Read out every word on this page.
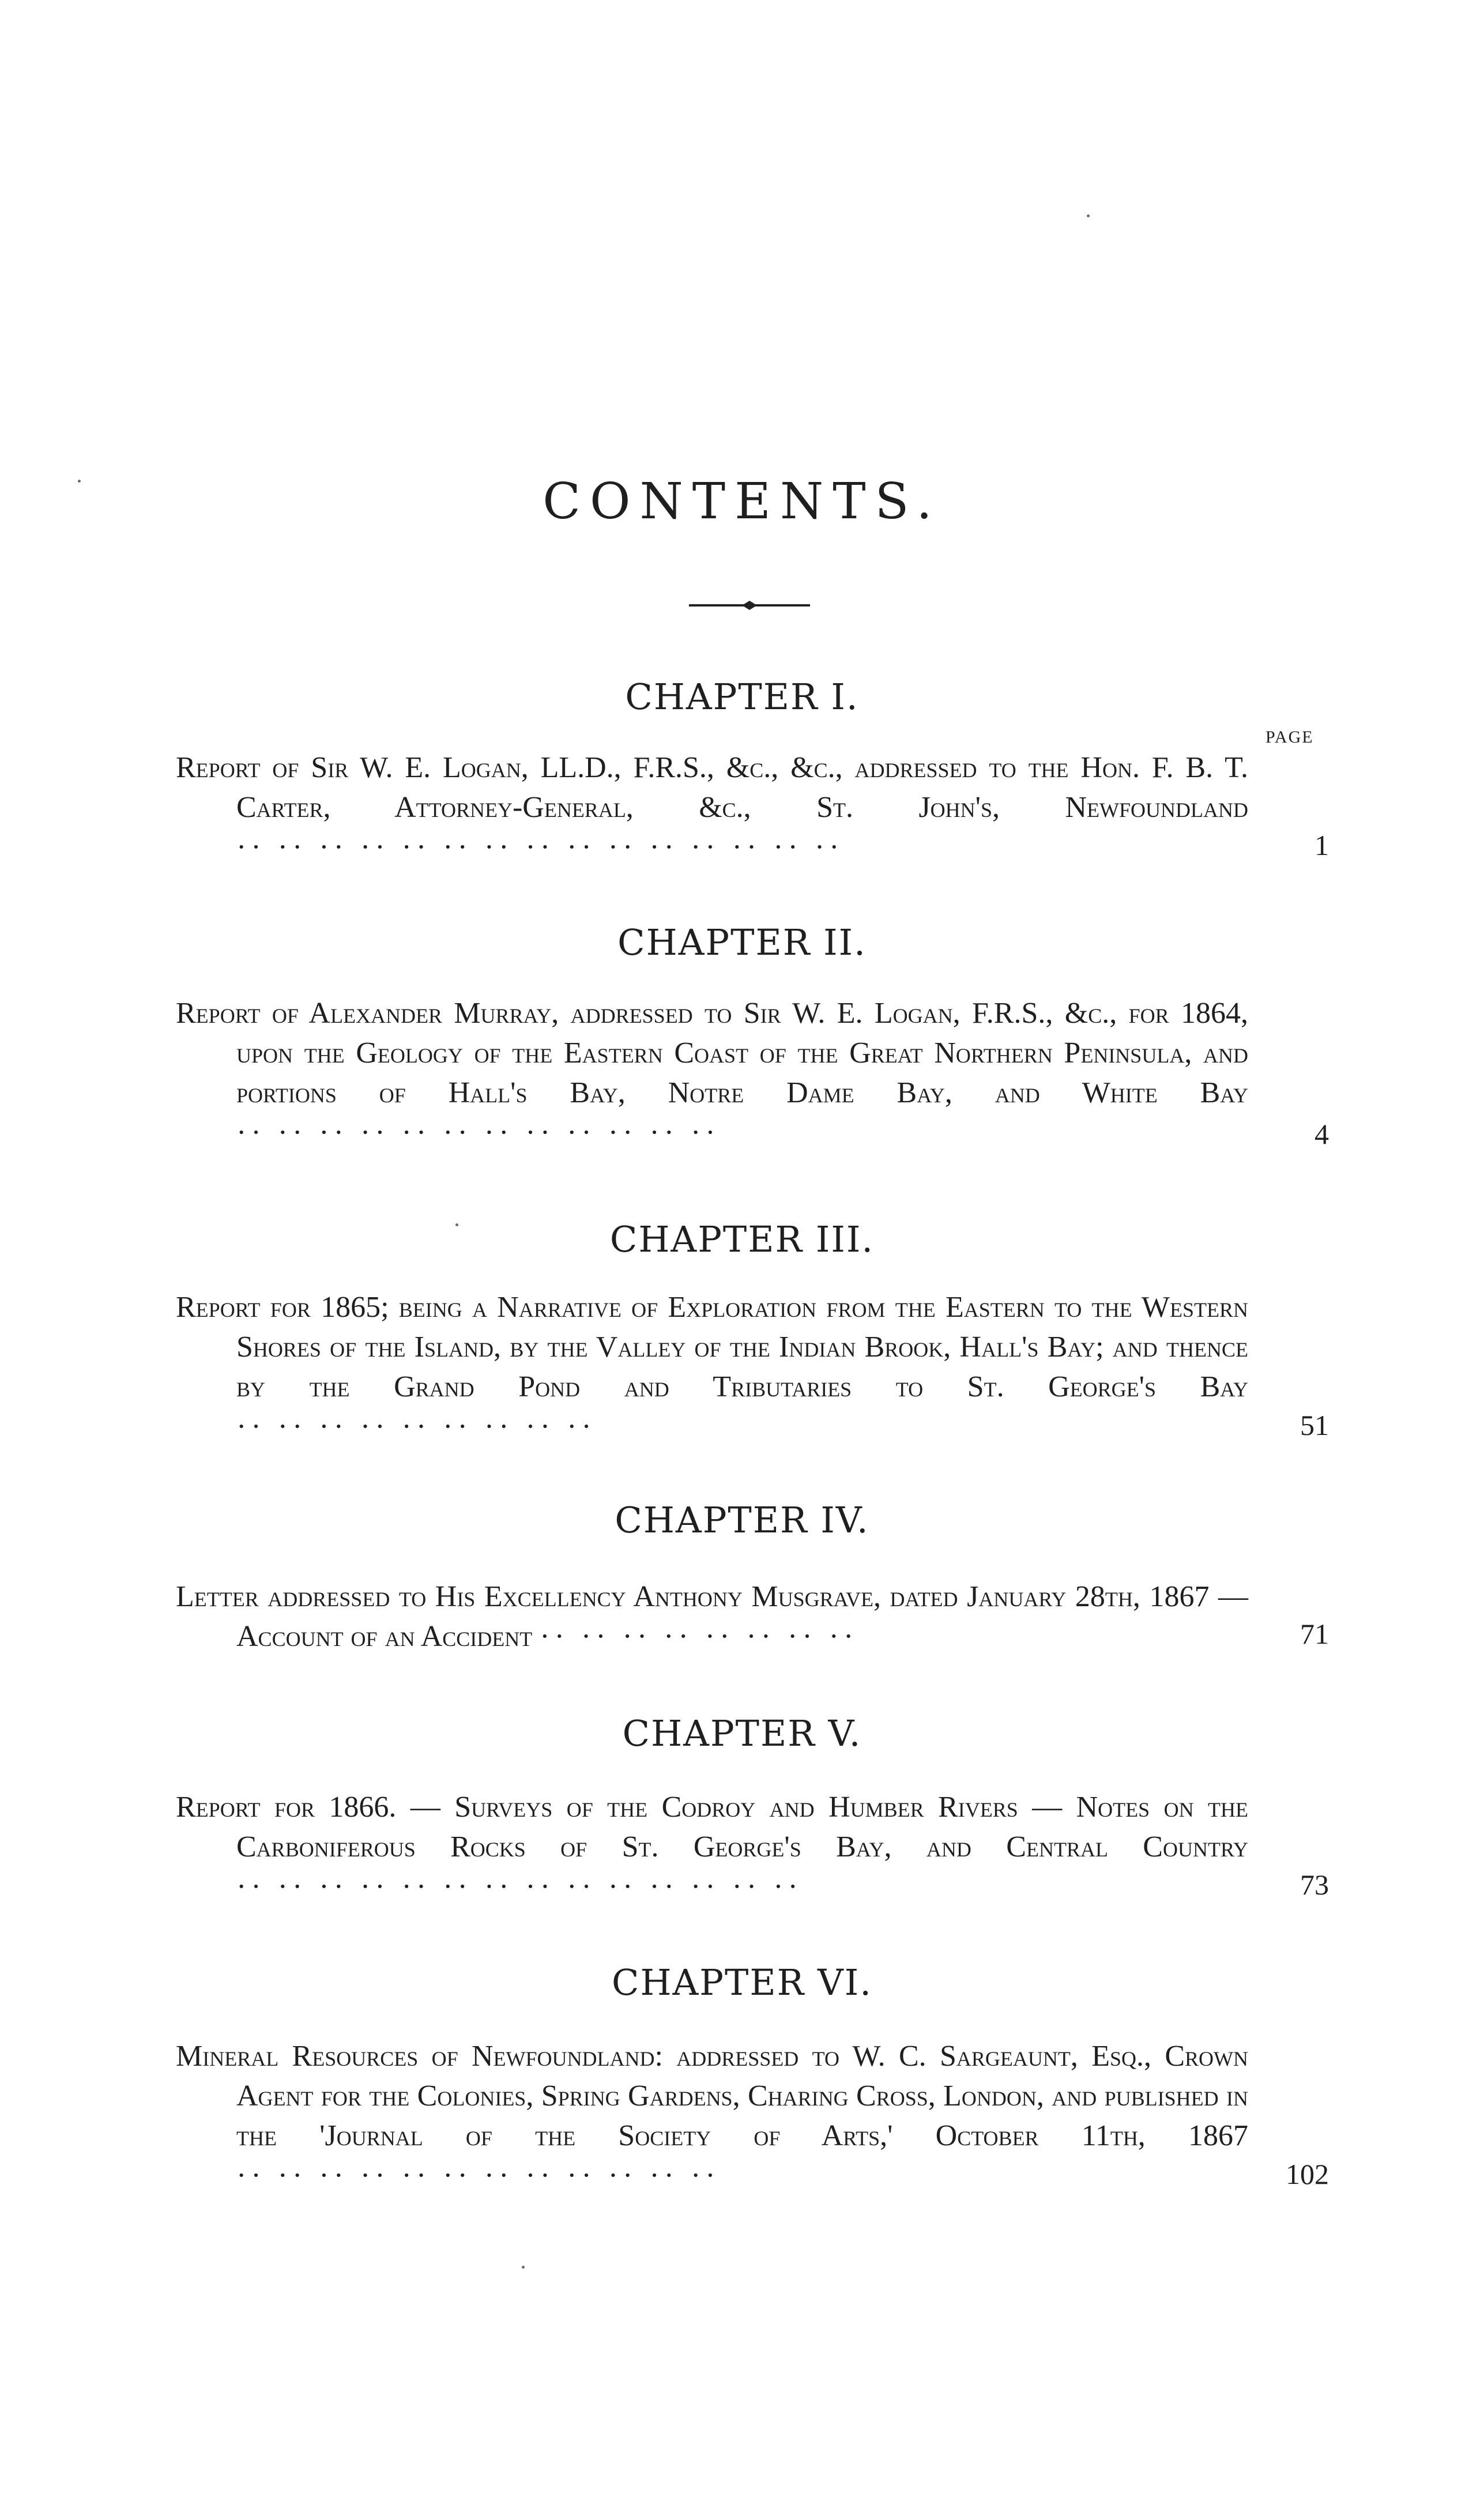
CONTENTS.
PAGE
CHAPTER I.
Report of Sir W. E. Logan, LL.D., F.R.S., &c., &c., addressed to the Hon. F. B. T. Carter, Attorney-General, &c., St. John's, Newfoundland ·· ·· ·· ·· ·· ·· ·· ·· ·· ·· ·· ·· ·· ·· ··	1
CHAPTER II.
Report of Alexander Murray, addressed to Sir W. E. Logan, F.R.S., &c., for 1864, upon the Geology of the Eastern Coast of the Great Northern Peninsula, and portions of Hall's Bay, Notre Dame Bay, and White Bay ·· ·· ·· ·· ·· ·· ·· ·· ·· ·· ·· ··	4
CHAPTER III.
Report for 1865; being a Narrative of Exploration from the Eastern to the Western Shores of the Island, by the Valley of the Indian Brook, Hall's Bay; and thence by the Grand Pond and Tributaries to St. George's Bay ·· ·· ·· ·· ·· ·· ·· ·· ··	51
CHAPTER IV.
Letter addressed to His Excellency Anthony Musgrave, dated January 28th, 1867 — Account of an Accident ·· ·· ·· ·· ·· ·· ·· ··	71
CHAPTER V.
Report for 1866. — Surveys of the Codroy and Humber Rivers — Notes on the Carboniferous Rocks of St. George's Bay, and Central Country ·· ·· ·· ·· ·· ·· ·· ·· ·· ·· ·· ·· ·· ··	73
CHAPTER VI.
Mineral Resources of Newfoundland: addressed to W. C. Sargeaunt, Esq., Crown Agent for the Colonies, Spring Gardens, Charing Cross, London, and published in the 'Journal of the Society of Arts,' October 11th, 1867 ·· ·· ·· ·· ·· ·· ·· ·· ·· ·· ·· ··	102
